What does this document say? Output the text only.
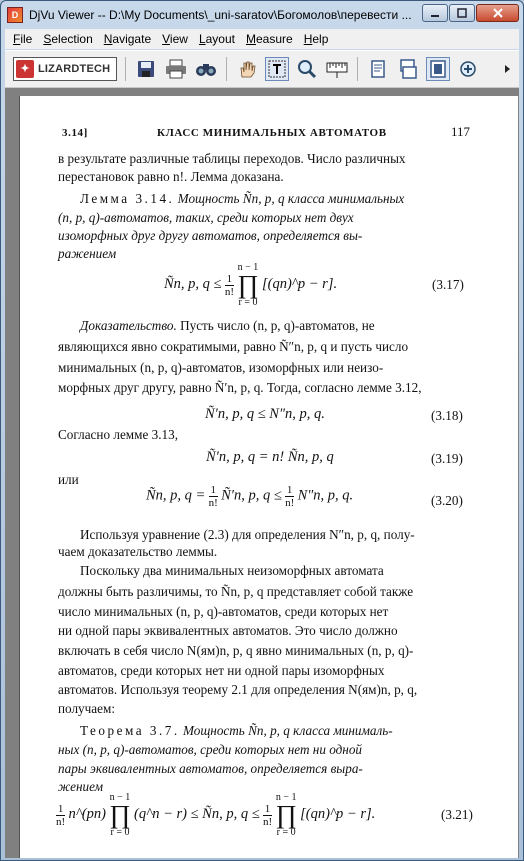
D DjVu Viewer -- D:\My Documents\_uni-saratov\Богомолов\перевести ...
File Selection Navigate View Layout Measure Help
✦ LIZARDTECH
3.14]	КЛАСС МИНИМАЛЬНЫХ АВТОМАТОВ	117
в результате различные таблицы переходов. Число различных
перестановок равно n!. Лемма доказана.
Лемма 3.14. Мощность Ñn, p, q класса минимальных
(n, p, q)-автоматов, таких, среди которых нет двух
изоморфных друг другу автоматов, определяется вы-
ражением
Ñn, p, $q \le \frac{1}{n!}$ n − 1
∏
r = 0 [(qn)^p − r].	(3.17)
Доказательство. Пусть число (n, p, q)-автоматов, не
являющихся явно сократимыми, равно Ñ″n, p, q и пусть число
минимальных (n, p, q)-автоматов, изоморфных или неизо-
морфных друг другу, равно Ñ′n, p, q. Тогда, согласно лемме 3.12,
Ñ′n, p, q ≤ N″n, p, q.	(3.18)
Согласно лемме 3.13,
Ñ′n, p, q = n! Ñn, p, q	(3.19)
или
Ñn, p, $q = \frac{1}{n!}$ Ñ′n, p, $q \le \frac{1}{n!} N''n$, p, q.	(3.20)
Используя уравнение (2.3) для определения N″n, p, q, полу-
чаем доказательство леммы.
Поскольку два минимальных неизоморфных автомата
должны быть различимы, то Ñn, p, q представляет собой также
число минимальных (n, p, q)-автоматов, среди которых нет
ни одной пары эквивалентных автоматов. Это число должно
включать в себя число N(ям)n, p, q явно минимальных (n, p, q)-
автоматов, среди которых нет ни одной пары изоморфных
автоматов. Используя теорему 2.1 для определения N(ям)n, p, q,
получаем:
Теорема 3.7. Мощность Ñn, p, q класса минималь-
ных (n, p, q)-автоматов, среди которых нет ни одной
пары эквивалентных автоматов, определяется выра-
жением
$\frac{1}{n!}$ n^(pn) n − 1
∏
r = 0 (q^n − r) ≤ Ñn, p, $q \le \frac{1}{n!}$ n − 1
∏
r = 0 [(qn)^p − r].	(3.21)
